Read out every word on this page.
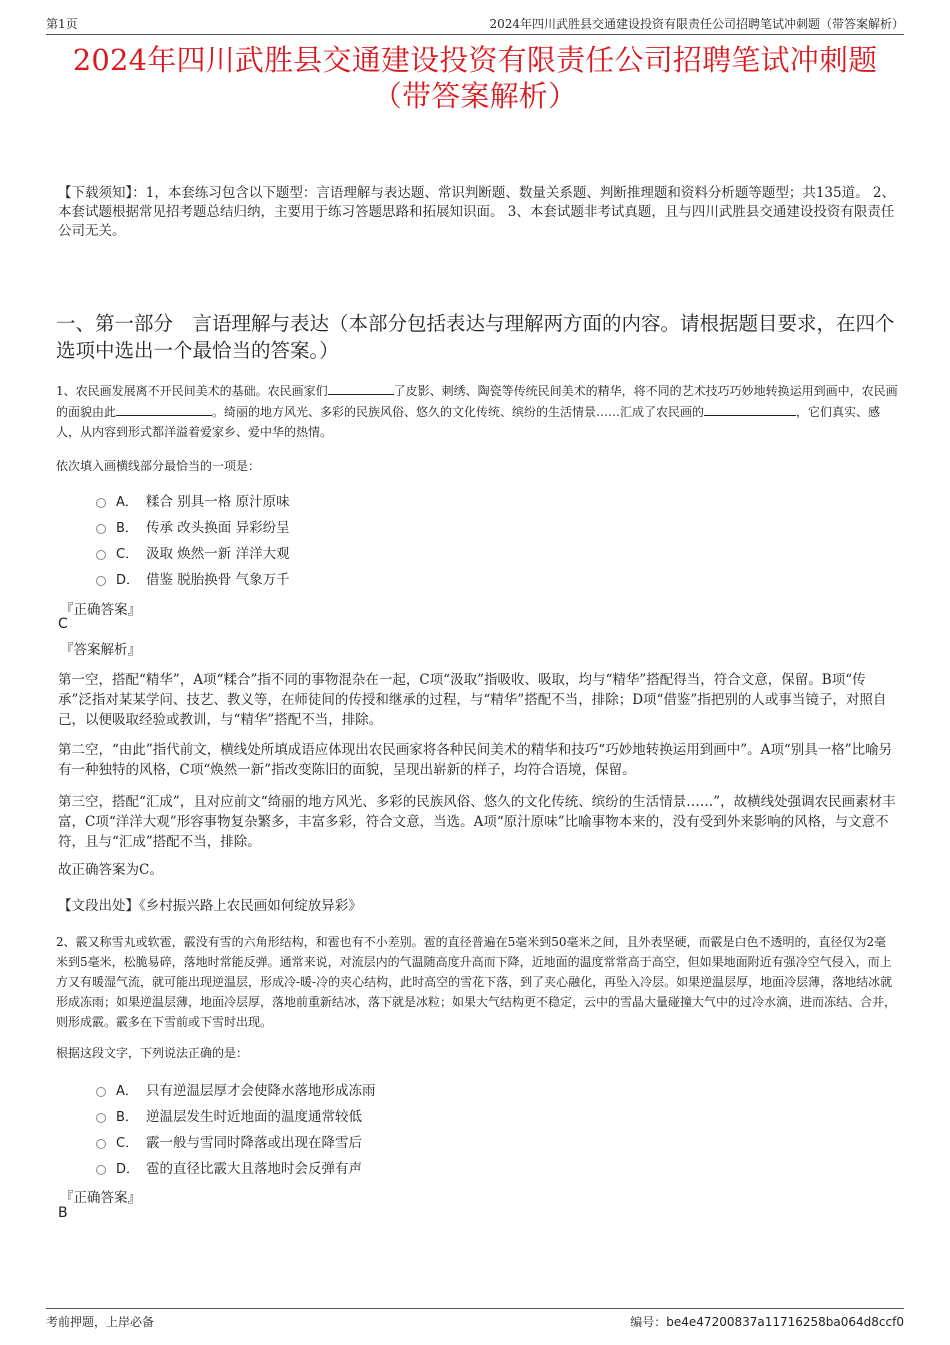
第1页	2024年四川武胜县交通建设投资有限责任公司招聘笔试冲刺题（带答案解析）
2024年四川武胜县交通建设投资有限责任公司招聘笔试冲刺题
（带答案解析）
【下载须知】：1，本套练习包含以下题型：言语理解与表达题、常识判断题、数量关系题、判断推理题和资料分析题等题型；共135道。 2、本套试题根据常见招考题总结归纳，主要用于练习答题思路和拓展知识面。 3、本套试题非考试真题，且与四川武胜县交通建设投资有限责任公司无关。
一、第一部分　言语理解与表达（本部分包括表达与理解两方面的内容。请根据题目要求，在四个选项中选出一个最恰当的答案。）
1、农民画发展离不开民间美术的基础。农民画家们	了皮影、刺绣、陶瓷等传统民间美术的精华，将不同的艺术技巧巧妙地转换运用到画中，农民画的面貌由此	。绮丽的地方风光、多彩的民族风俗、悠久的文化传统、缤纷的生活情景……汇成了农民画的	，它们真实、感人，从内容到形式都洋溢着爱家乡、爱中华的热情。
依次填入画横线部分最恰当的一项是：
A． 糅合 别具一格 原汁原味
B． 传承 改头换面 异彩纷呈
C． 汲取 焕然一新 洋洋大观
D． 借鉴 脱胎换骨 气象万千
『正确答案』
C
『答案解析』
第一空，搭配“精华”，A项“糅合”指不同的事物混杂在一起，C项“汲取”指吸收、吸取，均与“精华”搭配得当，符合文意，保留。B项“传承”泛指对某某学问、技艺、教义等，在师徒间的传授和继承的过程，与“精华”搭配不当，排除；D项“借鉴”指把别的人或事当镜子，对照自己，以便吸取经验或教训，与“精华”搭配不当，排除。
第二空，“由此”指代前文，横线处所填成语应体现出农民画家将各种民间美术的精华和技巧“巧妙地转换运用到画中”。A项“别具一格”比喻另有一种独特的风格，C项“焕然一新”指改变陈旧的面貌，呈现出崭新的样子，均符合语境，保留。
第三空，搭配“汇成”，且对应前文“绮丽的地方风光、多彩的民族风俗、悠久的文化传统、缤纷的生活情景……”，故横线处强调农民画素材丰富，C项“洋洋大观”形容事物复杂繁多，丰富多彩，符合文意，当选。A项“原汁原味”比喻事物本来的，没有受到外来影响的风格，与文意不符，且与“汇成”搭配不当，排除。
故正确答案为C。
【文段出处】《乡村振兴路上农民画如何绽放异彩》
2、霰又称雪丸或软雹，霰没有雪的六角形结构，和雹也有不小差别。雹的直径普遍在5毫米到50毫米之间，且外表坚硬，而霰是白色不透明的，直径仅为2毫米到5毫米，松脆易碎，落地时常能反弹。通常来说，对流层内的气温随高度升高而下降，近地面的温度常常高于高空，但如果地面附近有强冷空气侵入，而上方又有暖湿气流，就可能出现逆温层，形成冷-暖-冷的夹心结构，此时高空的雪花下落，到了夹心融化，再坠入冷层。如果逆温层厚，地面冷层薄，落地结冰就形成冻雨；如果逆温层薄，地面冷层厚，落地前重新结冰，落下就是冰粒；如果大气结构更不稳定，云中的雪晶大量碰撞大气中的过冷水滴，进而冻结、合并，则形成霰。霰多在下雪前或下雪时出现。
根据这段文字，下列说法正确的是：
A． 只有逆温层厚才会使降水落地形成冻雨
B． 逆温层发生时近地面的温度通常较低
C． 霰一般与雪同时降落或出现在降雪后
D． 雹的直径比霰大且落地时会反弹有声
『正确答案』
B
考前押题，上岸必备	编号：be4e47200837a11716258ba064d8ccf0
